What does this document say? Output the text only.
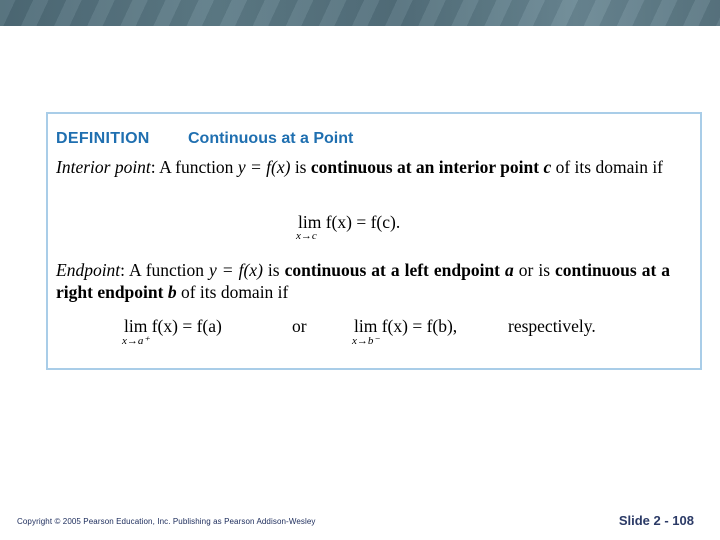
DEFINITION Continuous at a Point
Interior point: A function y = f(x) is continuous at an interior point c of its domain if
lim
x→c
f(x) = f(c).
Endpoint: A function y = f(x) is continuous at a left endpoint a or is continuous at a right endpoint b of its domain if
lim
x→a⁺
f(x) = f(a)	or	lim
x→b⁻
f(x) = f(b),	respectively.
Copyright © 2005 Pearson Education, Inc. Publishing as Pearson Addison-Wesley	Slide 2 - 108
